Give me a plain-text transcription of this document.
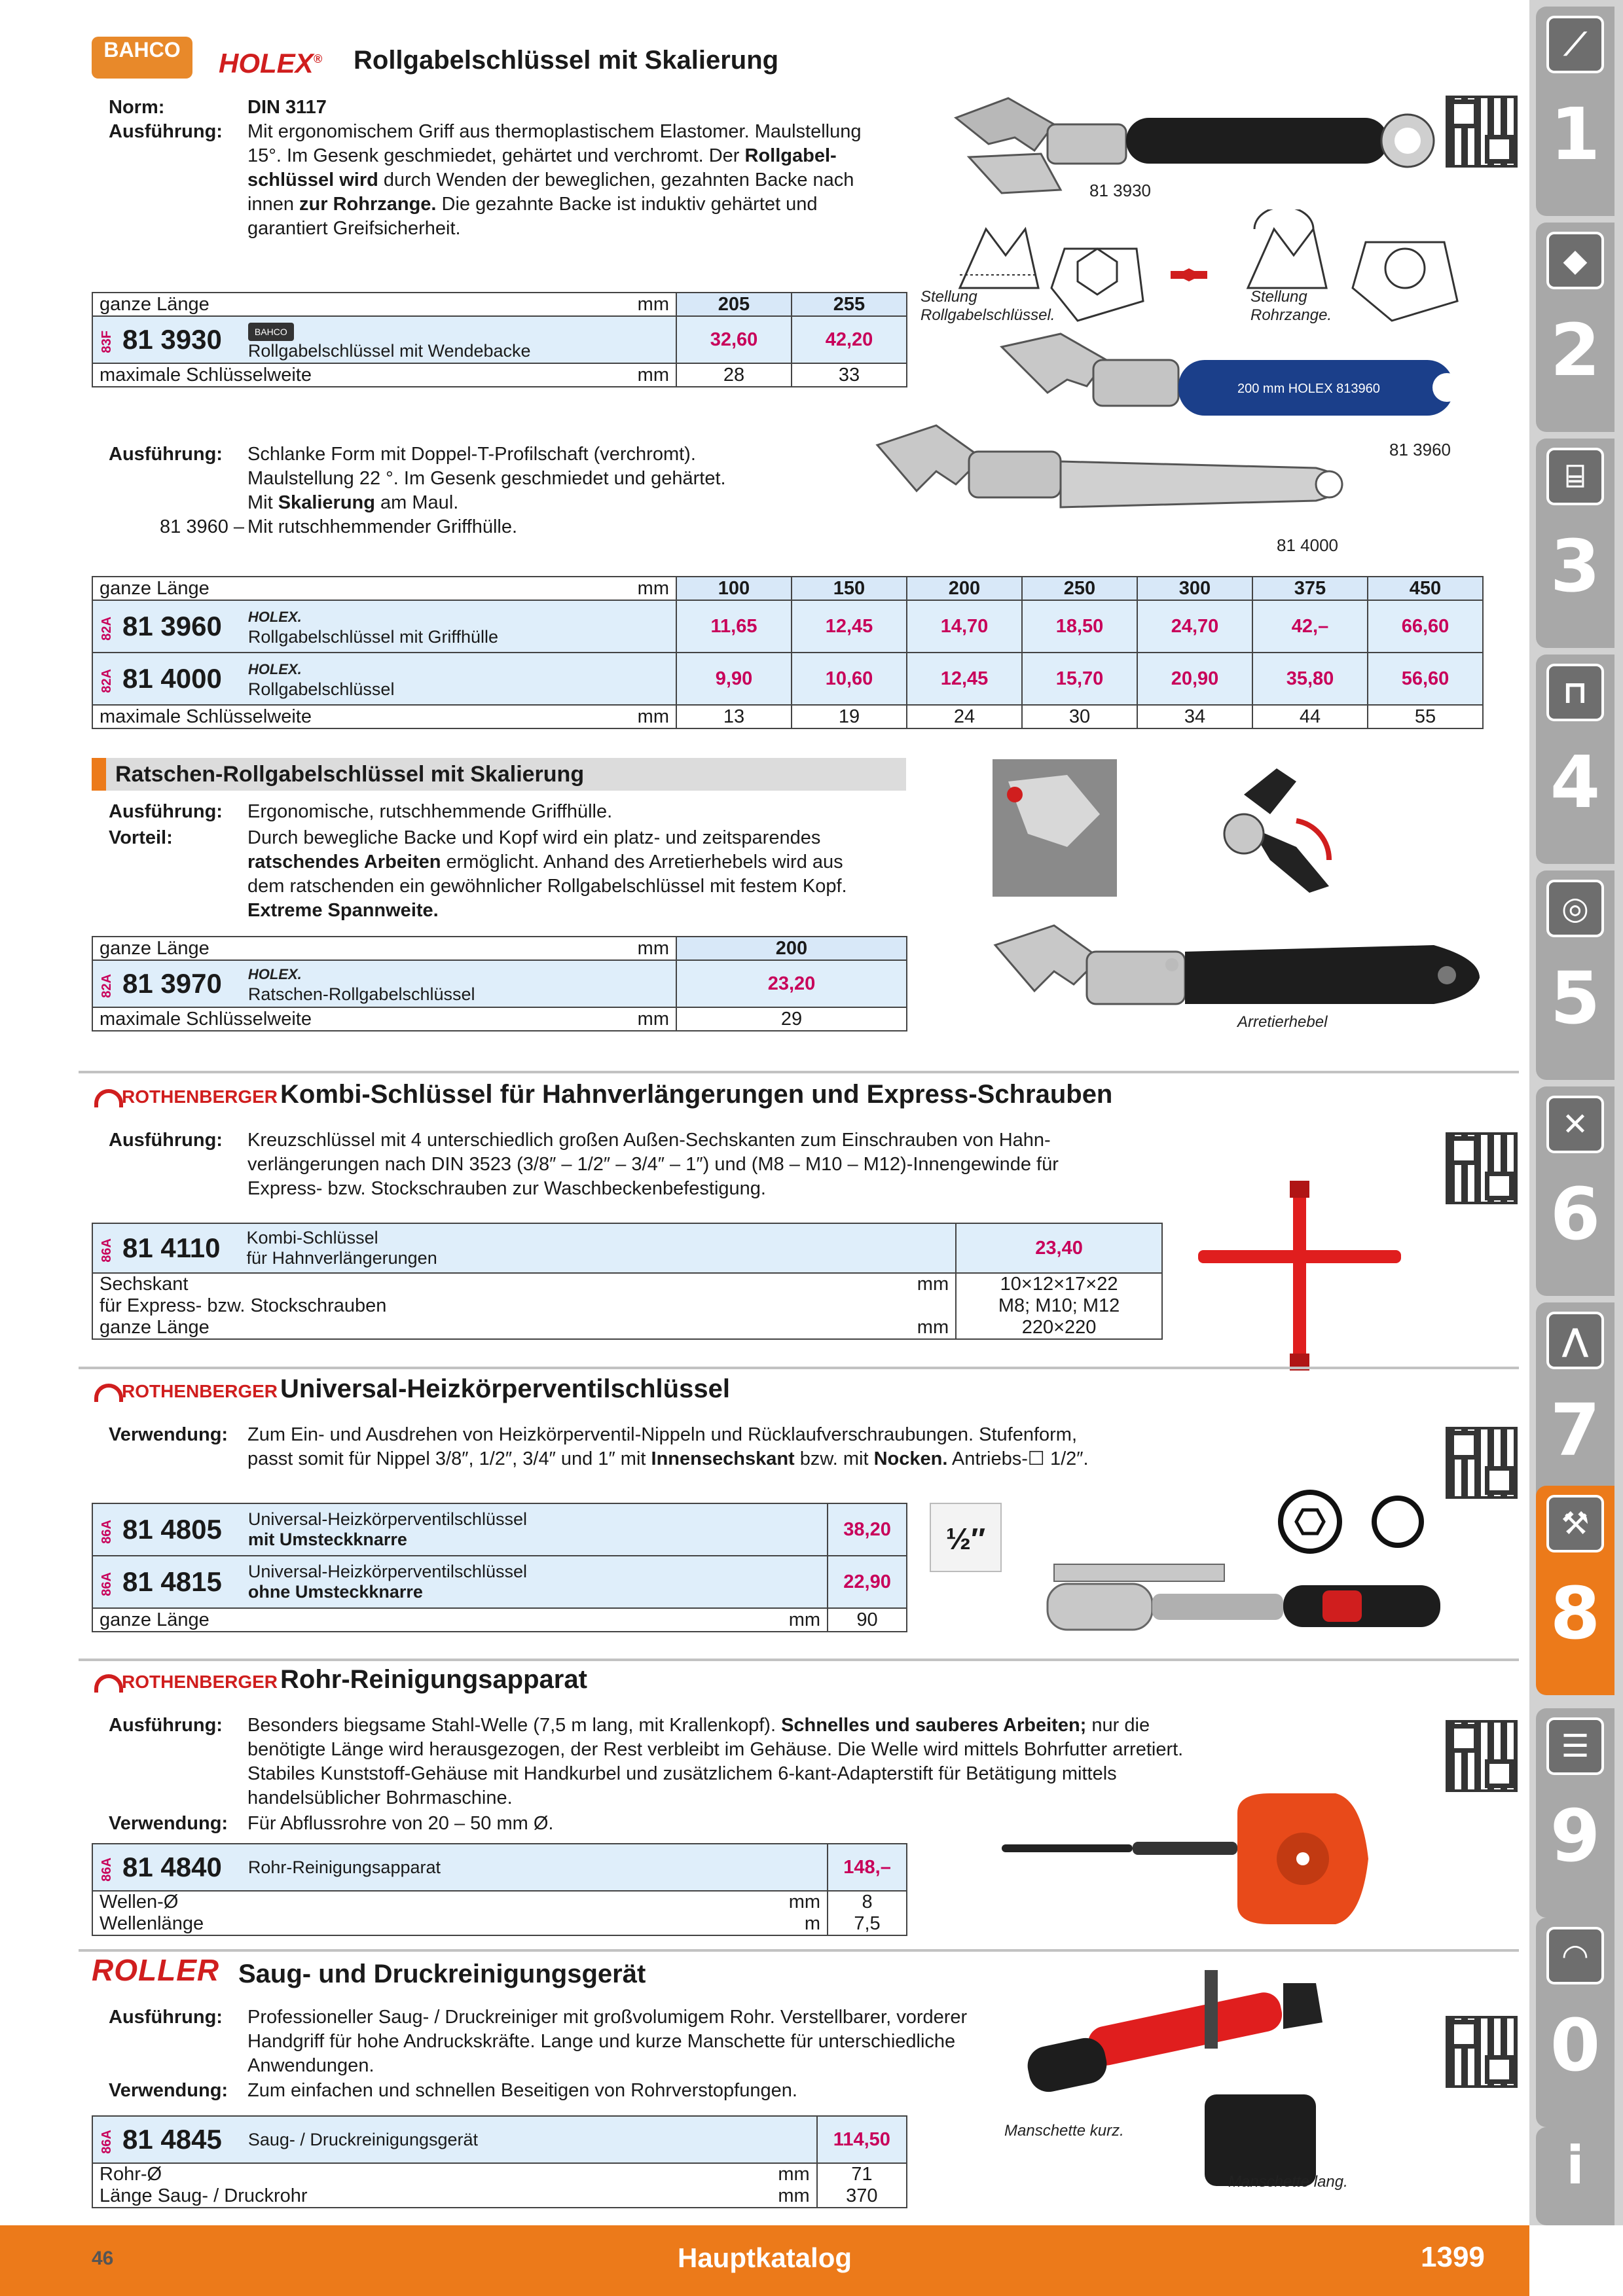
BAHCO
	HOLEX® Rollgabelschlüssel mit Skalierung
Norm:	DIN 3117
Ausführung: Mit ergonomischem Griff aus thermoplastischem Elastomer. Maulstellung
15°. Im Gesenk geschmiedet, gehärtet und verchromt. Der Rollgabel-
schlüssel wird durch Wenden der beweglichen, gezahnten Backe nach
innen zur Rohrzange. Die gezahnte Backe ist induktiv gehärtet und
garantiert Greifsicherheit.
81 3930
Stellung
Rollgabelschlüssel.
Stellung
Rohrzange.
ganze Länge	mm	205	255

83F 81 3930 BAHCO
Rollgabelschlüssel mit Wendebacke		32,60	42,20
maximale Schlüsselweite	mm	28	33
200 mm HOLEX 813960
81 3960
81 4000
Ausführung: Schlanke Form mit Doppel-T-Profilschaft (verchromt).
Maulstellung 22 °. Im Gesenk geschmiedet und gehärtet.
Mit Skalierung am Maul.
81 3960 – Mit rutschhemmender Griffhülle.
ganze Länge	mm	100	150	200	250	300	375	450

82A 81 3960 HOLEX.
Rollgabelschlüssel mit Griffhülle		11,65	12,45	14,70	18,50	24,70	42,–	66,60

82A 81 4000 HOLEX.
Rollgabelschlüssel		9,90	10,60	12,45	15,70	20,90	35,80	56,60
maximale Schlüsselweite	mm	13	19	24	30	34	44	55
Ratschen-Rollgabelschlüssel mit Skalierung
Ausführung: Ergonomische, rutschhemmende Griffhülle.
Vorteil:	Durch bewegliche Backe und Kopf wird ein platz- und zeitsparendes
ratschendes Arbeiten ermöglicht. Anhand des Arretierhebels wird aus
dem ratschenden ein gewöhnlicher Rollgabelschlüssel mit festem Kopf.
Extreme Spannweite.
Arretierhebel
ganze Länge	mm	200

82A 81 3970 HOLEX.
Ratschen-Rollgabelschlüssel		23,20
maximale Schlüsselweite	mm	29
ROTHENBERGER Kombi-Schlüssel für Hahnverlängerungen und Express-Schrauben
Ausführung: Kreuzschlüssel mit 4 unterschiedlich großen Außen-Sechskanten zum Einschrauben von Hahn-
verlängerungen nach DIN 3523 (3/8″ – 1/2″ – 3/4″ – 1″) und (M8 – M10 – M12)-Innengewinde für
Express- bzw. Stockschrauben zur Waschbeckenbefestigung.
86A 81 4110 Kombi-Schlüssel
für Hahnverlängerungen		23,40
Sechskant	mm	10×12×17×22
für Express- bzw. Stockschrauben		M8; M10; M12
ganze Länge	mm	220×220
ROTHENBERGER Universal-Heizkörperventilschlüssel
Verwendung: Zum Ein- und Ausdrehen von Heizkörperventil-Nippeln und Rücklaufverschraubungen. Stufenform,
passt somit für Nippel 3/8″, 1/2″, 3/4″ und 1″ mit Innensechskant bzw. mit Nocken. Antriebs-☐ 1/2″.
86A 81 4805 Universal-Heizkörperventilschlüssel
mit Umsteckknarre		38,20

86A 81 4815 Universal-Heizkörperventilschlüssel
ohne Umsteckknarre		22,90
ganze Länge	mm	90
½″
ROTHENBERGER Rohr-Reinigungsapparat
Ausführung: Besonders biegsame Stahl-Welle (7,5 m lang, mit Krallenkopf). Schnelles und sauberes Arbeiten; nur die
benötigte Länge wird herausgezogen, der Rest verbleibt im Gehäuse. Die Welle wird mittels Bohrfutter arretiert.
Stabiles Kunststoff-Gehäuse mit Handkurbel und zusätzlichem 6-kant-Adapterstift für Betätigung mittels
handelsüblicher Bohrmaschine.
Verwendung: Für Abflussrohre von 20 – 50 mm Ø.
86A 81 4840 Rohr-Reinigungsapparat		148,–
Wellen-Ø	mm	8
Wellenlänge	m	7,5
ROLLER Saug- und Druckreinigungsgerät
Ausführung: Professioneller Saug- / Druckreiniger mit großvolumigem Rohr. Verstellbarer, vorderer
Handgriff für hohe Andruckskräfte. Lange und kurze Manschette für unterschiedliche
Anwendungen.
Verwendung: Zum einfachen und schnellen Beseitigen von Rohrverstopfungen.
Manschette kurz.
Manschette lang.
86A 81 4845 Saug- / Druckreinigungsgerät		114,50
Rohr-Ø	mm	71
Länge Saug- / Druckrohr	mm	370
⟋
1
◆
2
⌸
3
⊓
4
◎
5
✕
6
⋀
7
⚒
8
☰
9
◠
0
i
46	Hauptkatalog	1399
